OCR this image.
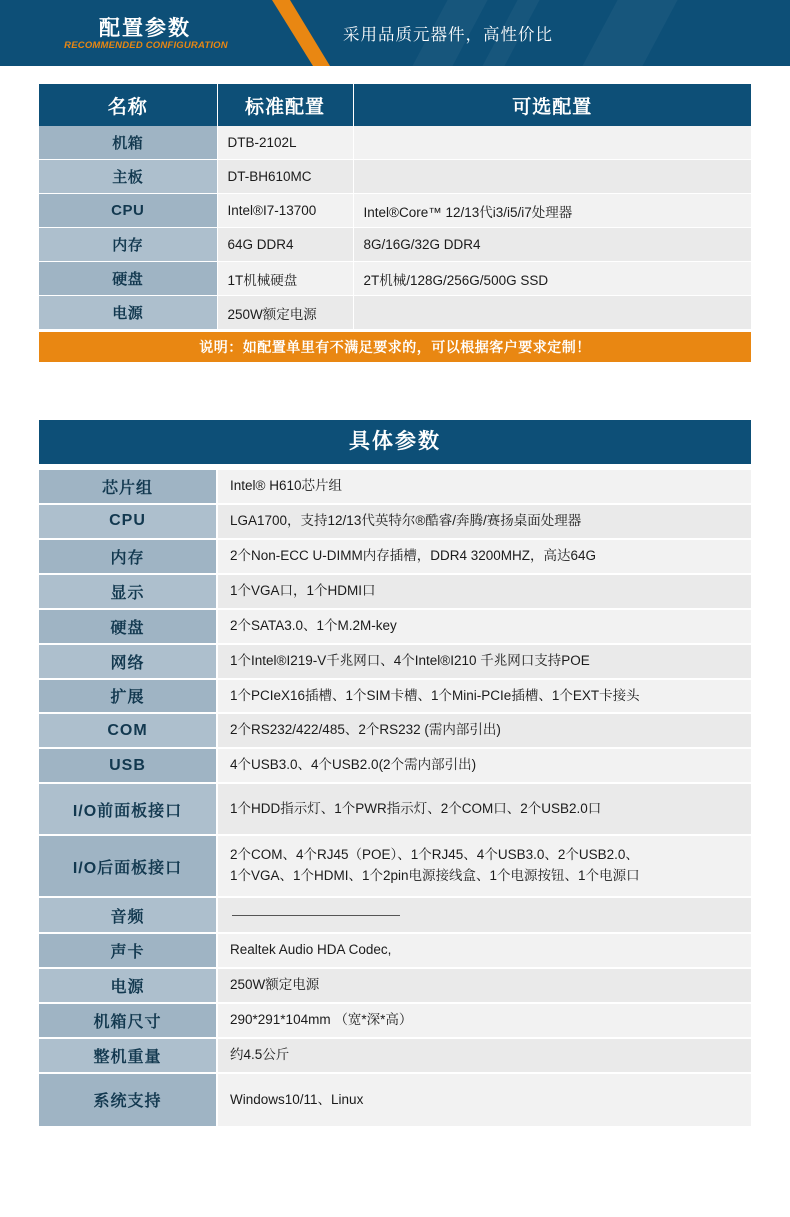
配置参数
RECOMMENDED CONFIGURATION
采用品质元器件，高性价比
名称	标准配置	可选配置
机箱	DTB-2102L	
主板	DT-BH610MC	
CPU	Intel®I7-13700	Intel®Core™ 12/13代i3/i5/i7处理器
内存	64G DDR4	8G/16G/32G DDR4
硬盘	1T机械硬盘	2T机械/128G/256G/500G SSD
电源	250W额定电源	
说明：如配置单里有不满足要求的，可以根据客户要求定制！
具体参数
芯片组	Intel® H610芯片组
CPU	LGA1700，支持12/13代英特尔®酷睿/奔腾/赛扬桌面处理器
内存	2个Non-ECC U-DIMM内存插槽，DDR4 3200MHZ，高达64G
显示	1个VGA口，1个HDMI口
硬盘	2个SATA3.0、1个M.2M-key
网络	1个Intel®I219-V千兆网口、4个Intel®I210 千兆网口支持POE
扩展	1个PCIeX16插槽、1个SIM卡槽、1个Mini-PCIe插槽、1个EXT卡接头
COM	2个RS232/422/485、2个RS232 (需内部引出)
USB	4个USB3.0、4个USB2.0(2个需内部引出)
I/O前面板接口	1个HDD指示灯、1个PWR指示灯、2个COM口、2个USB2.0口
I/O后面板接口	2个COM、4个RJ45（POE）、1个RJ45、4个USB3.0、2个USB2.0、
1个VGA、1个HDMI、1个2pin电源接线盒、1个电源按钮、1个电源口

音频	
声卡	Realtek Audio HDA Codec,
电源	250W额定电源
机箱尺寸	290*291*104mm （宽*深*高）
整机重量	约4.5公斤
系统支持	Windows10/11、Linux
